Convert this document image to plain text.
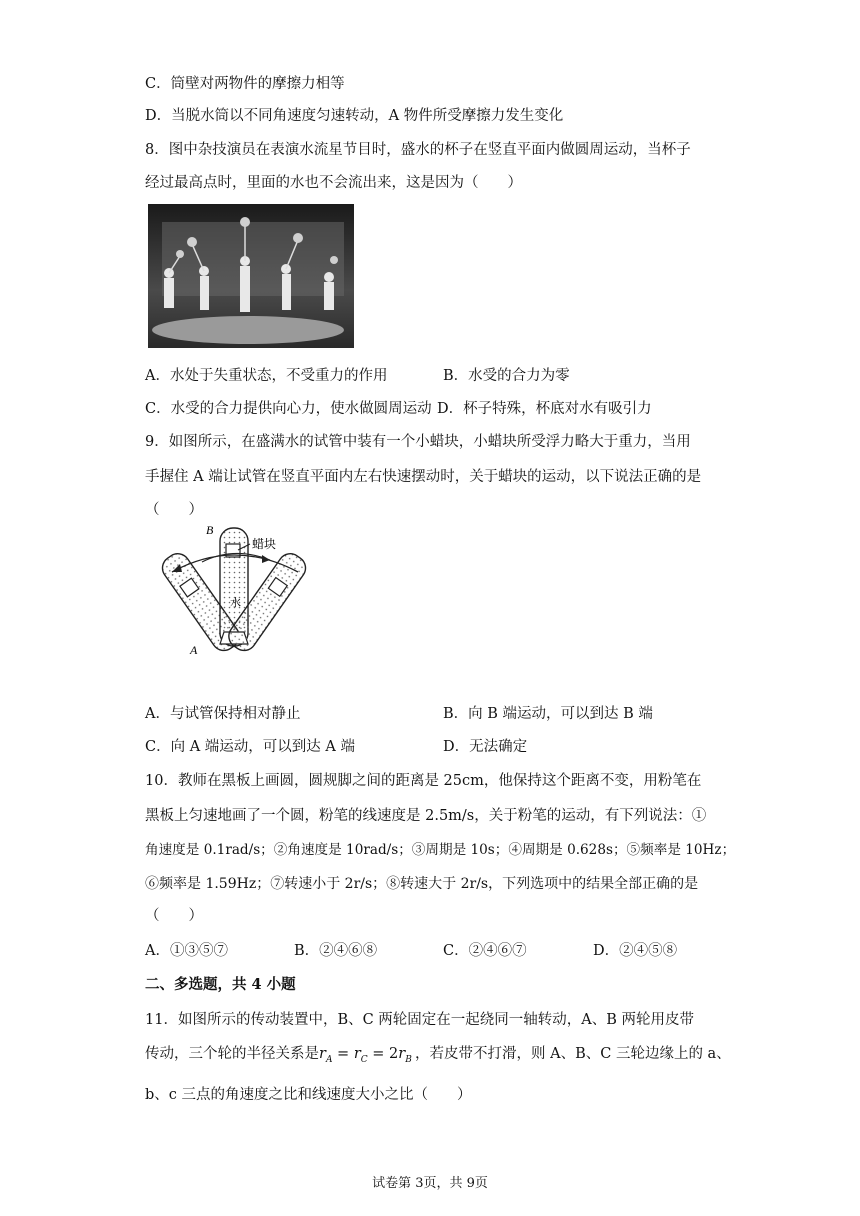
C．筒壁对两物件的摩擦力相等
D．当脱水筒以不同角速度匀速转动，A 物件所受摩擦力发生变化
8．图中杂技演员在表演水流星节目时，盛水的杯子在竖直平面内做圆周运动，当杯子
经过最高点时，里面的水也不会流出来，这是因为（　　）
A．水处于失重状态，不受重力的作用	B．水受的合力为零
C．水受的合力提供向心力，使水做圆周运动 D．杯子特殊，杯底对水有吸引力
9．如图所示，在盛满水的试管中装有一个小蜡块，小蜡块所受浮力略大于重力，当用
手握住 A 端让试管在竖直平面内左右快速摆动时，关于蜡块的运动，以下说法正确的是
（　　）
B
蜡块
水
A
A．与试管保持相对静止	B．向 B 端运动，可以到达 B 端
C．向 A 端运动，可以到达 A 端	D．无法确定
10．教师在黑板上画圆，圆规脚之间的距离是 25cm，他保持这个距离不变，用粉笔在
黑板上匀速地画了一个圆，粉笔的线速度是 2.5m/s，关于粉笔的运动，有下列说法：①
角速度是 0.1rad/s；②角速度是 10rad/s；③周期是 10s；④周期是 0.628s；⑤频率是 10Hz；
⑥频率是 1.59Hz；⑦转速小于 2r/s；⑧转速大于 2r/s，下列选项中的结果全部正确的是
（　　）
A．①③⑤⑦	B．②④⑥⑧	C．②④⑥⑦	D．②④⑤⑧
二、多选题，共 4 小题
11．如图所示的传动装置中，B、C 两轮固定在一起绕同一轴转动，A、B 两轮用皮带
传动，三个轮的半径关系是$r_A = r_C = 2r_B$ ，若皮带不打滑，则 A、B、C 三轮边缘上的 a、
b、c 三点的角速度之比和线速度大小之比（　　）
试卷第 3页，共 9页
